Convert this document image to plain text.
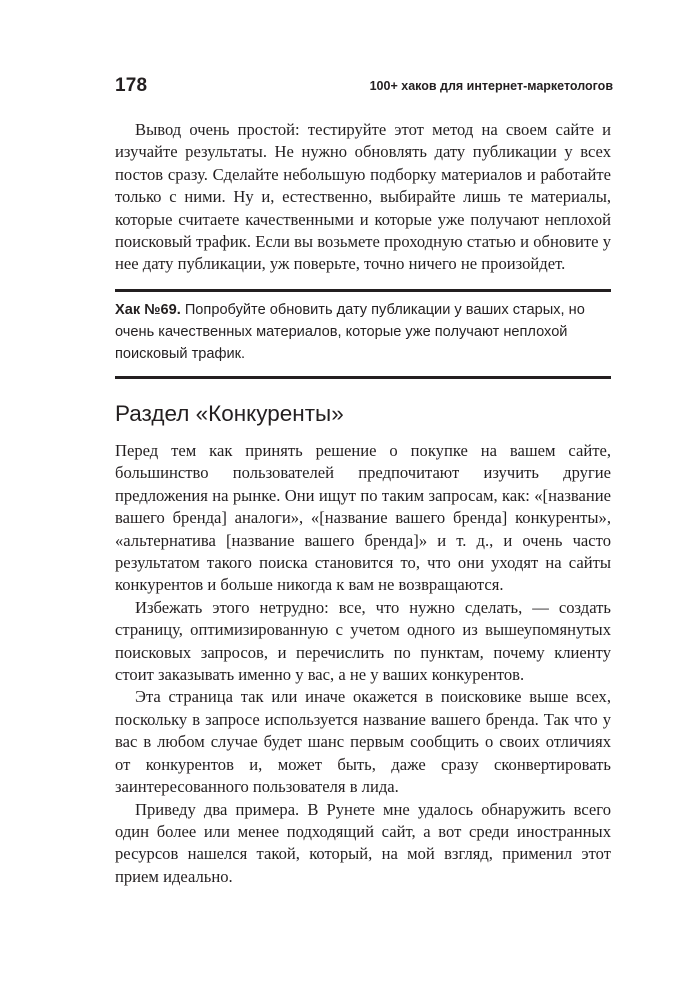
178	100+ хаков для интернет-маркетологов

Вывод очень простой: тестируйте этот метод на своем сайте и изучайте результаты. Не нужно обновлять дату публикации у всех постов сразу. Сделайте небольшую подборку материалов и работайте только с ними. Ну и, естественно, выбирайте лишь те материалы, которые считаете качественными и которые уже получают неплохой поисковый трафик. Если вы возьмете проходную статью и обновите у нее дату публикации, уж поверьте, точно ничего не произойдет.

Хак №69. Попробуйте обновить дату публикации у ваших старых, но очень качественных материалов, которые уже получают неплохой поисковый трафик.
Раздел «Конкуренты»

Перед тем как принять решение о покупке на вашем сайте, большинство пользователей предпочитают изучить другие предложения на рынке. Они ищут по таким запросам, как: «[название вашего бренда] аналоги», «[название вашего бренда] конкуренты», «альтернатива [название вашего бренда]» и т. д., и очень часто результатом такого поиска становится то, что они уходят на сайты конкурентов и больше никогда к вам не возвращаются.

Избежать этого нетрудно: все, что нужно сделать, — создать страницу, оптимизированную с учетом одного из вышеупомянутых поисковых запросов, и перечислить по пунктам, почему клиенту стоит заказывать именно у вас, а не у ваших конкурентов.

Эта страница так или иначе окажется в поисковике выше всех, поскольку в запросе используется название вашего бренда. Так что у вас в любом случае будет шанс первым сообщить о своих отличиях от конкурентов и, может быть, даже сразу сконвертировать заинтересованного пользователя в лида.

Приведу два примера. В Рунете мне удалось обнаружить всего один более или менее подходящий сайт, а вот среди иностранных ресурсов нашелся такой, который, на мой взгляд, применил этот прием идеально.
